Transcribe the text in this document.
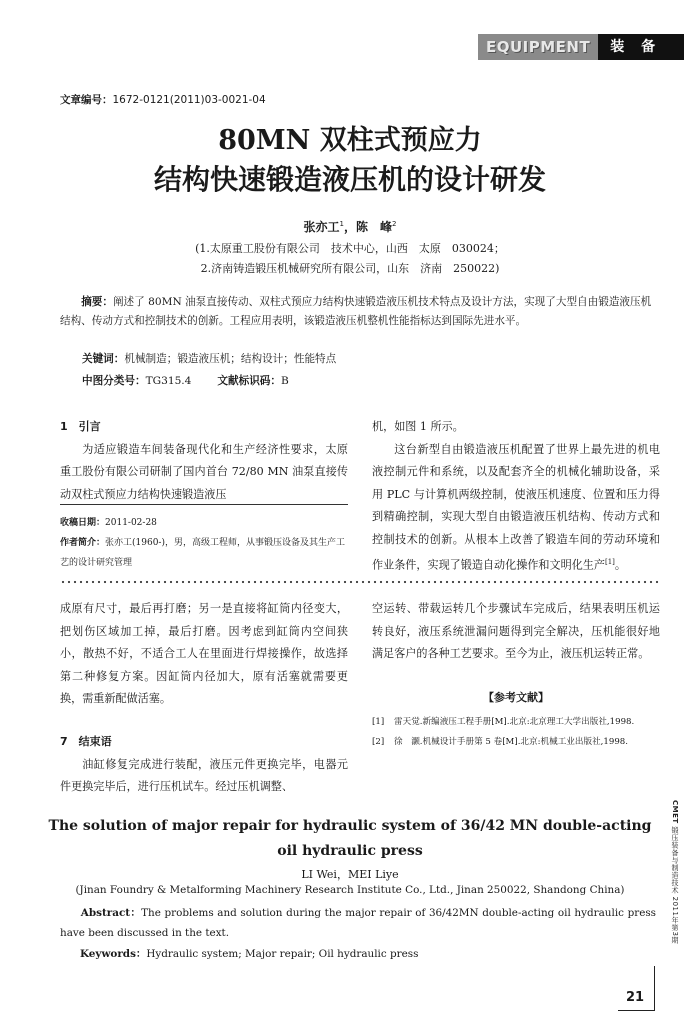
EQUIPMENT	装 备
文章编号：1672-0121(2011)03-0021-04
80MN 双柱式预应力
结构快速锻造液压机的设计研发
张亦工$^1$，陈　峰$^2$
(1.太原重工股份有限公司　技术中心，山西　太原　030024；
2.济南铸造锻压机械研究所有限公司，山东　济南　250022)
摘要：阐述了 80MN 油泵直接传动、双柱式预应力结构快速锻造液压机技术特点及设计方法，实现了大型自由锻造液压机结构、传动方式和控制技术的创新。工程应用表明，该锻造液压机整机性能指标达到国际先进水平。
关键词：机械制造；锻造液压机；结构设计；性能特点
中图分类号：TG315.4 文献标识码：B
1　引言

为适应锻造车间装备现代化和生产经济性要求，太原重工股份有限公司研制了国内首台 72/80 MN 油泵直接传动双柱式预应力结构快速锻造液压

收稿日期：2011-02-28
作者简介：张亦工(1960-)，男，高级工程师，从事锻压设备及其生产工艺的设计研究管理
机，如图 1 所示。

这台新型自由锻造液压机配置了世界上最先进的机电液控制元件和系统，以及配套齐全的机械化辅助设备，采用 PLC 与计算机两级控制，使液压机速度、位置和压力得到精确控制，实现大型自由锻造液压机结构、传动方式和控制技术的创新。从根本上改善了锻造车间的劳动环境和作业条件，实现了锻造自动化操作和文明化生产[1]。

成原有尺寸，最后再打磨；另一是直接将缸筒内径变大，把划伤区域加工掉，最后打磨。因考虑到缸筒内空间狭小，散热不好，不适合工人在里面进行焊接操作，故选择第二种修复方案。因缸筒内径加大，原有活塞就需要更换，需重新配做活塞。

7　结束语

油缸修复完成进行装配，液压元件更换完毕，电器元件更换完毕后，进行压机试车。经过压机调整、

空运转、带载运转几个步骤试车完成后，结果表明压机运转良好，液压系统泄漏问题得到完全解决，压机能很好地满足客户的各种工艺要求。至今为止，液压机运转正常。

【参考文献】
[1]	雷天觉.新编液压工程手册[M].北京:北京理工大学出版社,1998.
[2]	徐　灏.机械设计手册第 5 卷[M].北京:机械工业出版社,1998.
The solution of major repair for hydraulic system of 36/42 MN double-acting
oil hydraulic press
LI Wei，MEI Liye
(Jinan Foundry & Metalforming Machinery Research Institute Co., Ltd., Jinan 250022, Shandong China)
Abstract：The problems and solution during the major repair of 36/42MN double-acting oil hydraulic press have been discussed in the text.
Keywords：Hydraulic system; Major repair; Oil hydraulic press
CMET 锻压装备与制造技术 2011年第3期
21
